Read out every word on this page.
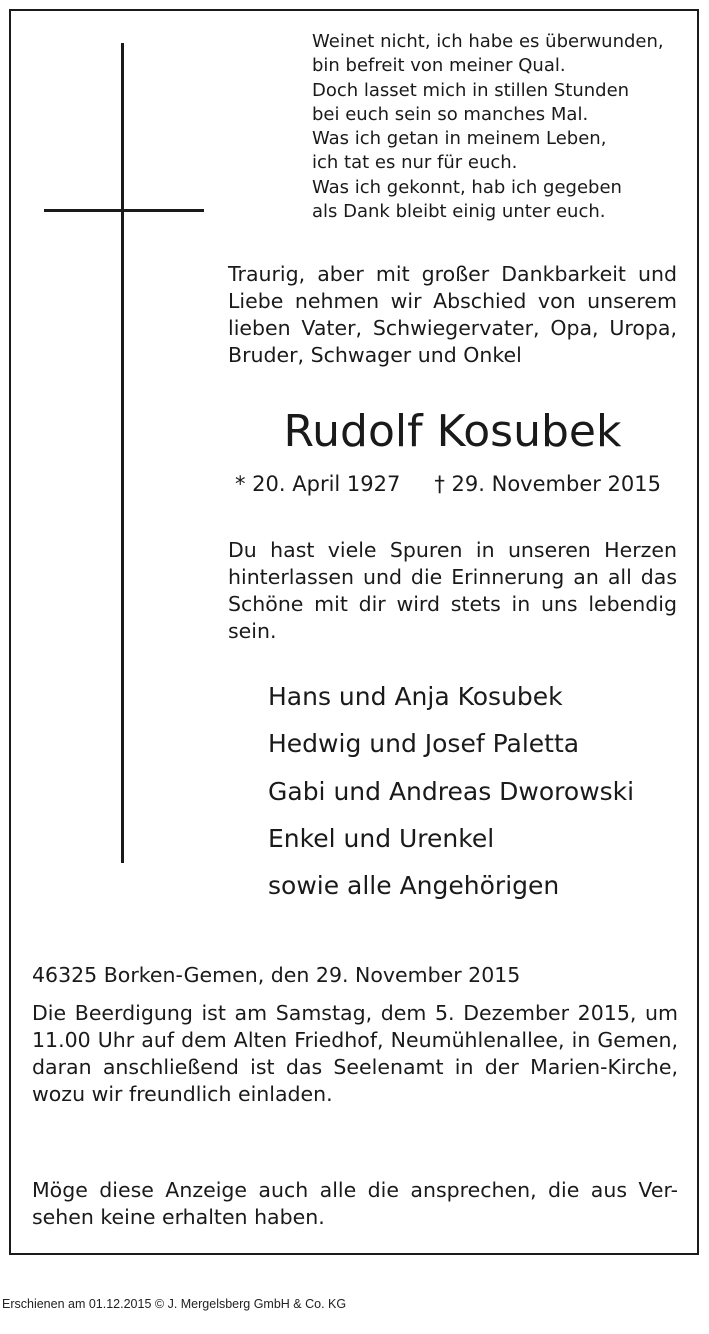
Weinet nicht, ich habe es überwunden,
bin befreit von meiner Qual.
Doch lasset mich in stillen Stunden
bei euch sein so manches Mal.
Was ich getan in meinem Leben,
ich tat es nur für euch.
Was ich gekonnt, hab ich gegeben
als Dank bleibt einig unter euch.
Traurig, aber mit großer Dankbarkeit und Liebe nehmen wir Abschied von unserem lieben Vater, Schwiegervater, Opa, Uropa, Bruder, Schwager und Onkel
Rudolf Kosubek
* 20. April 1927 † 29. November 2015
Du hast viele Spuren in unseren Herzen hinterlassen und die Erinnerung an all das Schöne mit dir wird stets in uns lebendig sein.
Hans und Anja Kosubek
Hedwig und Josef Paletta
Gabi und Andreas Dworowski
Enkel und Urenkel
sowie alle Angehörigen
46325 Borken-Gemen, den 29. November 2015
Die Beerdigung ist am Samstag, dem 5. Dezember 2015, um 11.00 Uhr auf dem Alten Friedhof, Neumühlenallee, in Gemen, daran anschließend ist das Seelenamt in der Marien-Kirche, wozu wir freundlich einladen.
Möge diese Anzeige auch alle die ansprechen, die aus Ver-sehen keine erhalten haben.
Erschienen am 01.12.2015 © J. Mergelsberg GmbH & Co. KG
